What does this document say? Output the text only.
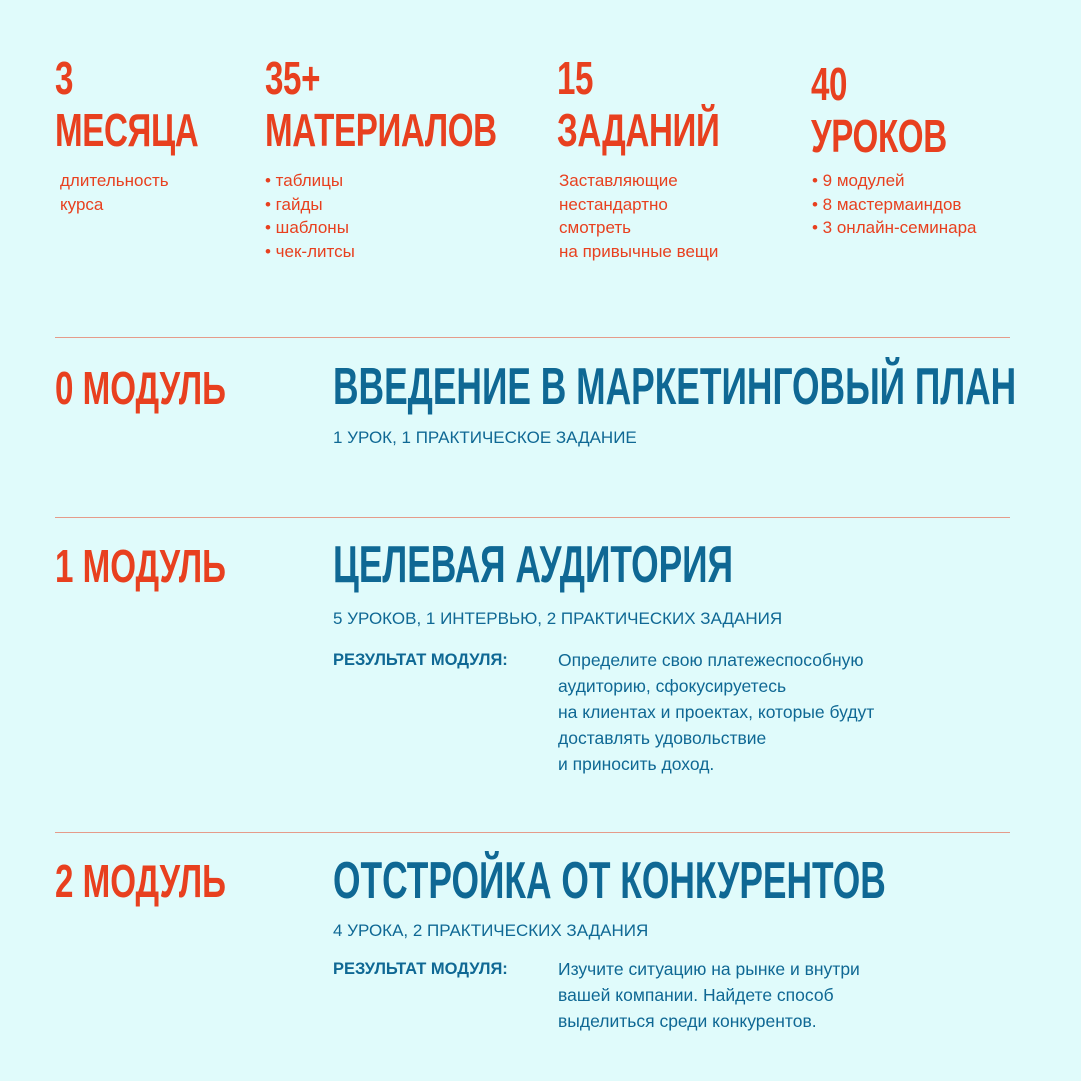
3
МЕСЯЦА
длительность
курса
35+
МАТЕРИАЛОВ
• таблицы
• гайды
• шаблоны
• чек-литсы
15
ЗАДАНИЙ
Заставляющие
нестандартно
смотреть
на привычные вещи
40
УРОКОВ
• 9 модулей
• 8 мастермаиндов
• 3 онлайн-семинара
0 МОДУЛЬ ВВЕДЕНИЕ В МАРКЕТИНГОВЫЙ ПЛАН
1 УРОК, 1 ПРАКТИЧЕСКОЕ ЗАДАНИЕ
1 МОДУЛЬ ЦЕЛЕВАЯ АУДИТОРИЯ
5 УРОКОВ, 1 ИНТЕРВЬЮ, 2 ПРАКТИЧЕСКИХ ЗАДАНИЯ
РЕЗУЛЬТАТ МОДУЛЯ:	Определите свою платежеспособную
аудиторию, сфокусируетесь
на клиентах и проектах, которые будут
доставлять удовольствие
и приносить доход.
2 МОДУЛЬ ОТСТРОЙКА ОТ КОНКУРЕНТОВ
4 УРОКА, 2 ПРАКТИЧЕСКИХ ЗАДАНИЯ
РЕЗУЛЬТАТ МОДУЛЯ:	Изучите ситуацию на рынке и внутри
вашей компании. Найдете способ
выделиться среди конкурентов.
